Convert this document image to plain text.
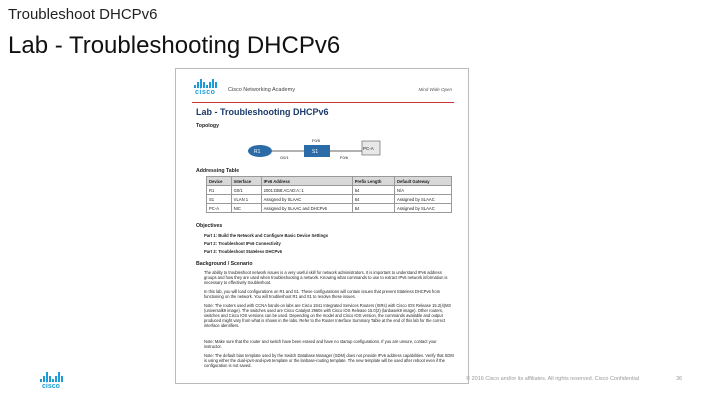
Troubleshoot DHCPv6
Lab - Troubleshooting DHCPv6
cisco Cisco Networking Academy	Mind Wide Open
Lab - Troubleshooting DHCPv6
Topology
R1	S1
PC-A
G0/1
F0/5
F0/6
Addressing Table
Device	Interface	IPv6 Address	Prefix Length	Default Gateway
R1	G0/1	2001:DB8:ACAD:A::1	64	N/A
S1	VLAN 1	Assigned by SLAAC	64	Assigned by SLAAC
PC-A	NIC	Assigned by SLAAC and DHCPv6	64	Assigned by SLAAC
Objectives
Part 1: Build the Network and Configure Basic Device Settings
Part 2: Troubleshoot IPv6 Connectivity
Part 3: Troubleshoot Stateless DHCPv6
Background / Scenario
The ability to troubleshoot network issues is a very useful skill for network administrators. It is important to understand IPv6 address groups and how they are used when troubleshooting a network. Knowing what commands to use to extract IPv6 network information is necessary to effectively troubleshoot.
In this lab, you will load configurations on R1 and S1. These configurations will contain issues that prevent Stateless DHCPv6 from functioning on the network. You will troubleshoot R1 and S1 to resolve these issues.
Note: The routers used with CCNA hands-on labs are Cisco 1941 Integrated Services Routers (ISRs) with Cisco IOS Release 15.2(4)M3 (universalk9 image). The switches used are Cisco Catalyst 2960s with Cisco IOS Release 15.0(2) (lanbasek9 image). Other routers, switches and Cisco IOS versions can be used. Depending on the model and Cisco IOS version, the commands available and output produced might vary from what is shown in the labs. Refer to the Router Interface Summary Table at the end of this lab for the correct interface identifiers.
Note: Make sure that the router and switch have been erased and have no startup configurations. If you are unsure, contact your instructor.
Note: The default bias template used by the Switch Database Manager (SDM) does not provide IPv6 address capabilities. Verify that SDM is using either the dual-ipv4-and-ipv6 template or the lanbase-routing template. The new template will be used after reboot even if the configuration is not saved.
cisco
© 2016 Cisco and/or its affiliates. All rights reserved. Cisco Confidential	36
